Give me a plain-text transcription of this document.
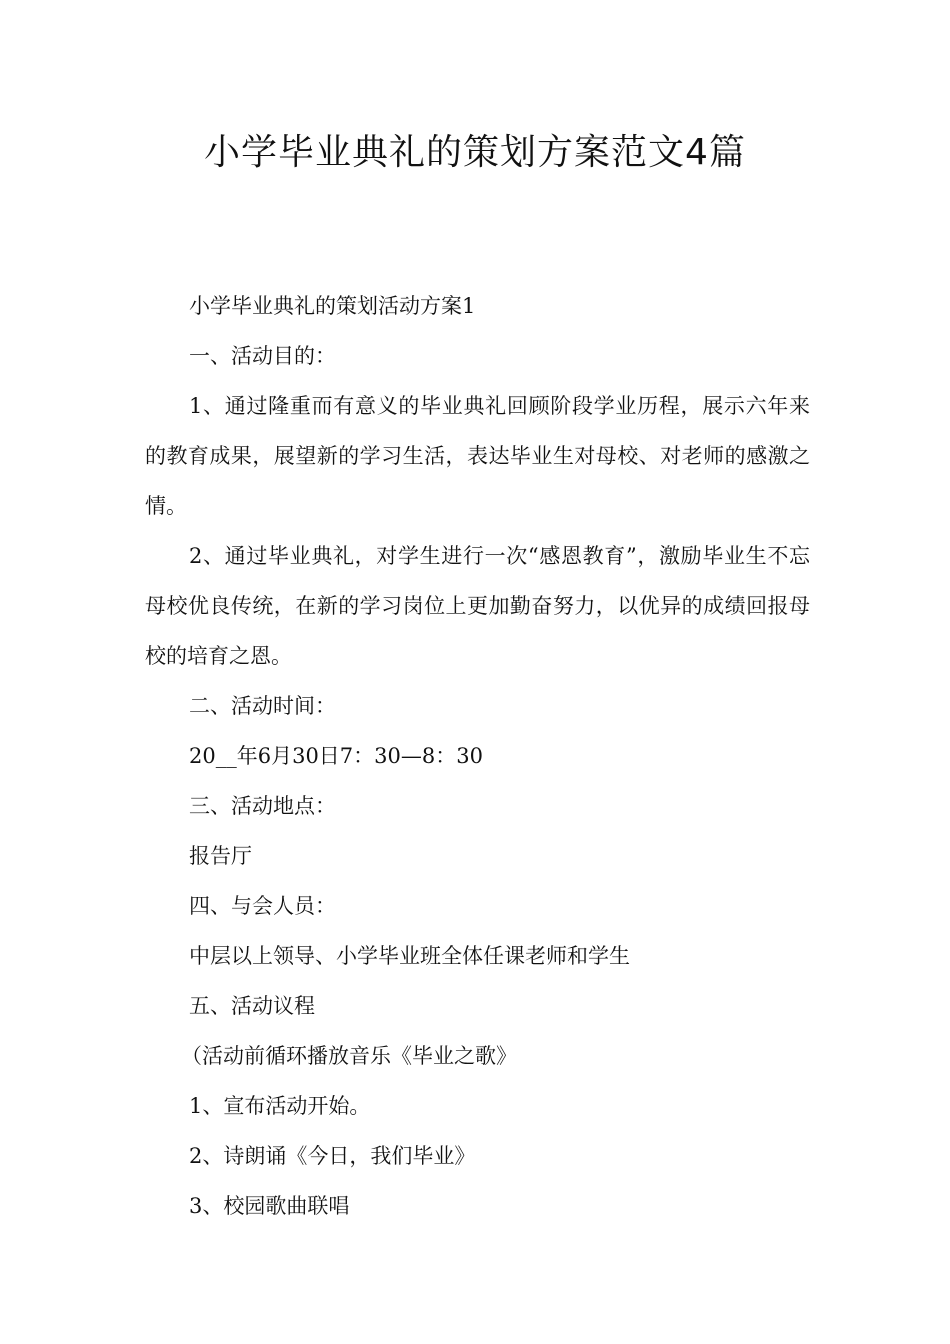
小学毕业典礼的策划方案范文4篇

小学毕业典礼的策划活动方案1

一、活动目的：

1、通过隆重而有意义的毕业典礼回顾阶段学业历程，展示六年来的教育成果，展望新的学习生活，表达毕业生对母校、对老师的感激之情。

2、通过毕业典礼，对学生进行一次“感恩教育”，激励毕业生不忘母校优良传统，在新的学习岗位上更加勤奋努力，以优异的成绩回报母校的培育之恩。

二、活动时间：

20__年6月30日7：30—8：30

三、活动地点：

报告厅

四、与会人员：

中层以上领导、小学毕业班全体任课老师和学生

五、活动议程

（活动前循环播放音乐《毕业之歌》

1、宣布活动开始。

2、诗朗诵《今日，我们毕业》

3、校园歌曲联唱
